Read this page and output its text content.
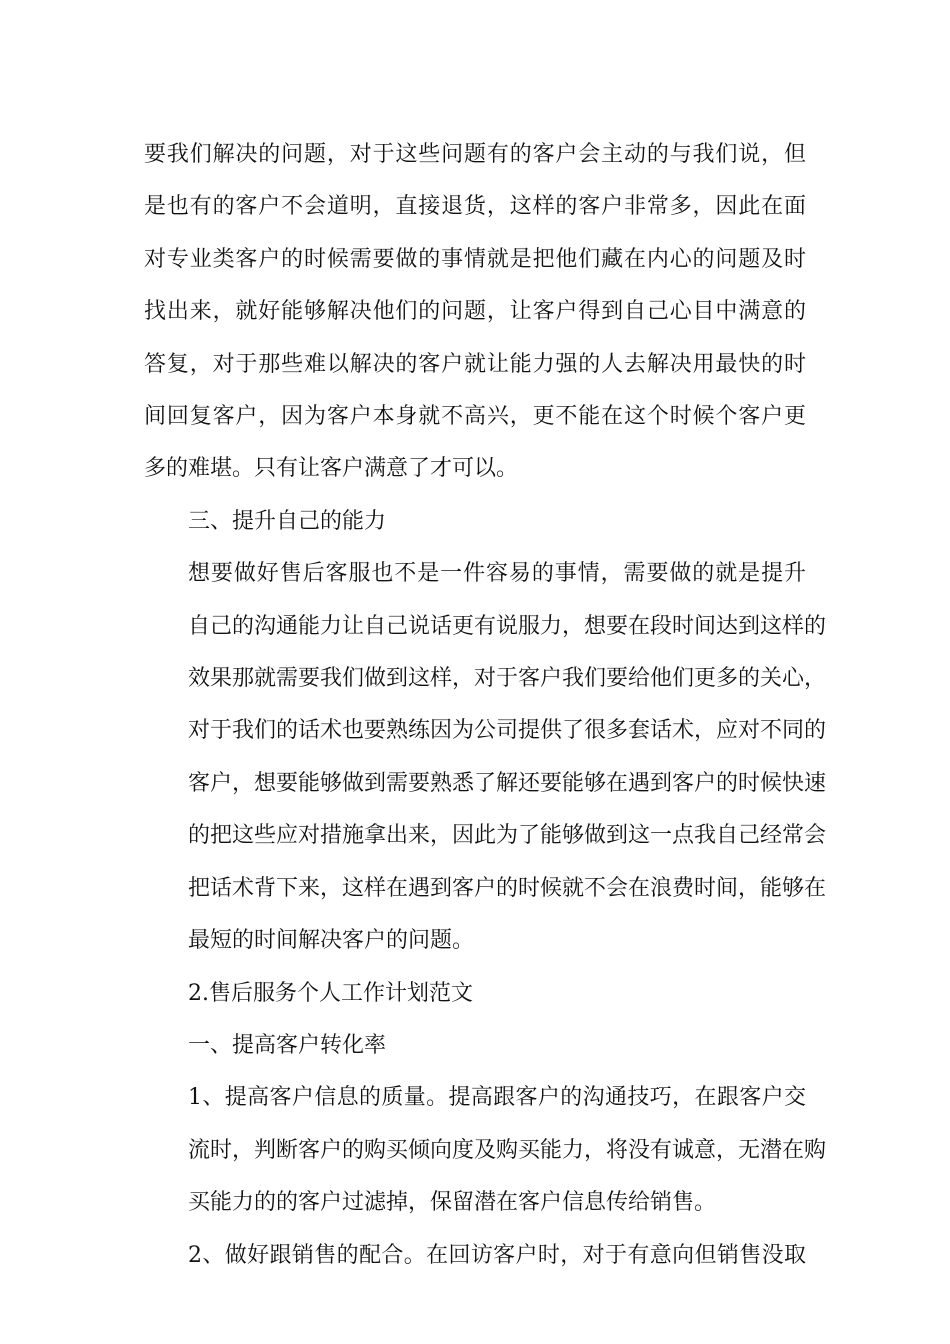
要我们解决的问题，对于这些问题有的客户会主动的与我们说，但
是也有的客户不会道明，直接退货，这样的客户非常多，因此在面
对专业类客户的时候需要做的事情就是把他们藏在内心的问题及时
找出来，就好能够解决他们的问题，让客户得到自己心目中满意的
答复，对于那些难以解决的客户就让能力强的人去解决用最快的时
间回复客户，因为客户本身就不高兴，更不能在这个时候个客户更
多的难堪。只有让客户满意了才可以。

三、提升自己的能力

想要做好售后客服也不是一件容易的事情，需要做的就是提升
自己的沟通能力让自己说话更有说服力，想要在段时间达到这样的
效果那就需要我们做到这样，对于客户我们要给他们更多的关心，
对于我们的话术也要熟练因为公司提供了很多套话术，应对不同的
客户，想要能够做到需要熟悉了解还要能够在遇到客户的时候快速
的把这些应对措施拿出来，因此为了能够做到这一点我自己经常会
把话术背下来，这样在遇到客户的时候就不会在浪费时间，能够在
最短的时间解决客户的问题。

2.售后服务个人工作计划范文

一、提高客户转化率

1、提高客户信息的质量。提高跟客户的沟通技巧，在跟客户交
流时，判断客户的购买倾向度及购买能力，将没有诚意，无潜在购
买能力的的客户过滤掉，保留潜在客户信息传给销售。

2、做好跟销售的配合。在回访客户时，对于有意向但销售没取
